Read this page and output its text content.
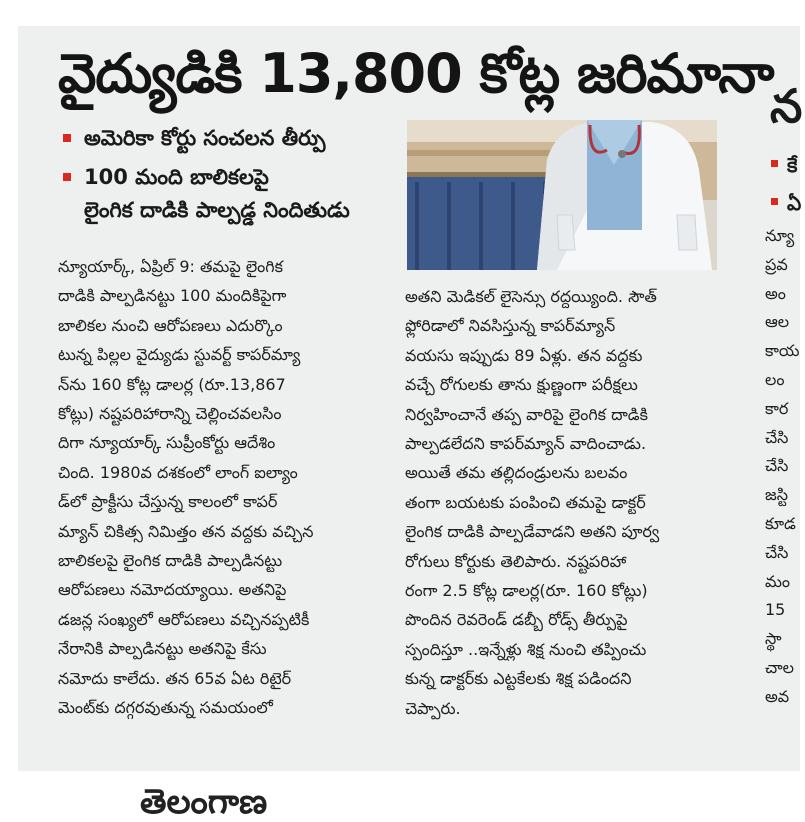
వైద్యుడికి 13,800 కోట్ల జరిమానా
అమెరికా కోర్టు సంచలన తీర్పు
100 మంది బాలికలపై
లైంగిక దాడికి పాల్పడ్డ నిందితుడు

న్యూయార్క్‌, ఏప్రిల్‌ 9: తమపై లైంగిక

దాడికి పాల్పడినట్టు 100 మందికిపైగా

బాలికల నుంచి ఆరోపణలు ఎదుర్కొం

టున్న పిల్లల వైద్యుడు స్టువర్ట్‌ కాపర్‌మ్యా

న్‌ను 160 కోట్ల డాలర్ల (రూ.13,867

కోట్లు) నష్టపరిహారాన్ని చెల్లించవలసిం

దిగా న్యూయార్క్‌ సుప్రీంకోర్టు ఆదేశిం

చింది. 1980వ దశకంలో లాంగ్‌ ఐల్యాం

డ్‌లో ప్రాక్టీసు చేస్తున్న కాలంలో కాపర్‌

మ్యాన్‌ చికిత్స నిమిత్తం తన వద్దకు వచ్చిన

బాలికలపై లైంగిక దాడికి పాల్పడినట్టు

ఆరోపణలు నమోదయ్యాయి. అతనిపై

డజన్ల సంఖ్యలో ఆరోపణలు వచ్చినప్పటికీ

నేరానికి పాల్పడినట్టు అతనిపై కేసు

నమోదు కాలేదు. తన 65వ ఏట రిటైర్‌

మెంట్‌కు దగ్గరవుతున్న సమయంలో

అతని మెడికల్‌ లైసెన్సు రద్దయ్యింది. సౌత్‌

ఫ్లోరిడాలో నివసిస్తున్న కాపర్‌మ్యాన్‌

వయసు ఇప్పుడు 89 ఏళ్లు. తన వద్దకు

వచ్చే రోగులకు తాను క్షుణ్ణంగా పరీక్షలు

నిర్వహించానే తప్ప వారిపై లైంగిక దాడికి

పాల్పడలేదని కాపర్‌మ్యాన్‌ వాదించాడు.

అయితే తమ తల్లిదండ్రులను బలవం

తంగా బయటకు పంపించి తమపై డాక్టర్‌

లైంగిక దాడికి పాల్పడేవాడని అతని పూర్వ

రోగులు కోర్టుకు తెలిపారు. నష్టపరిహా

రంగా 2.5 కోట్ల డాలర్ల(రూ. 160 కోట్లు)

పొందిన రెవరెండ్‌ డబ్బీ రోడ్స్‌ తీర్పుపై

స్పందిస్తూ ..ఇన్నేళ్లు శిక్ష నుంచి తప్పించు

కున్న డాక్టర్‌కు ఎట్టకేలకు శిక్ష పడిందని

చెప్పారు.

న
కే
ఏ

న్యూ

ప్రవ

అం

ఆల

కాయ

లం

కార

చేసి

చేసి

జస్టి

కూడ

చేసి

మం

15

స్థా

చాల

అవ

తెలంగాణ
